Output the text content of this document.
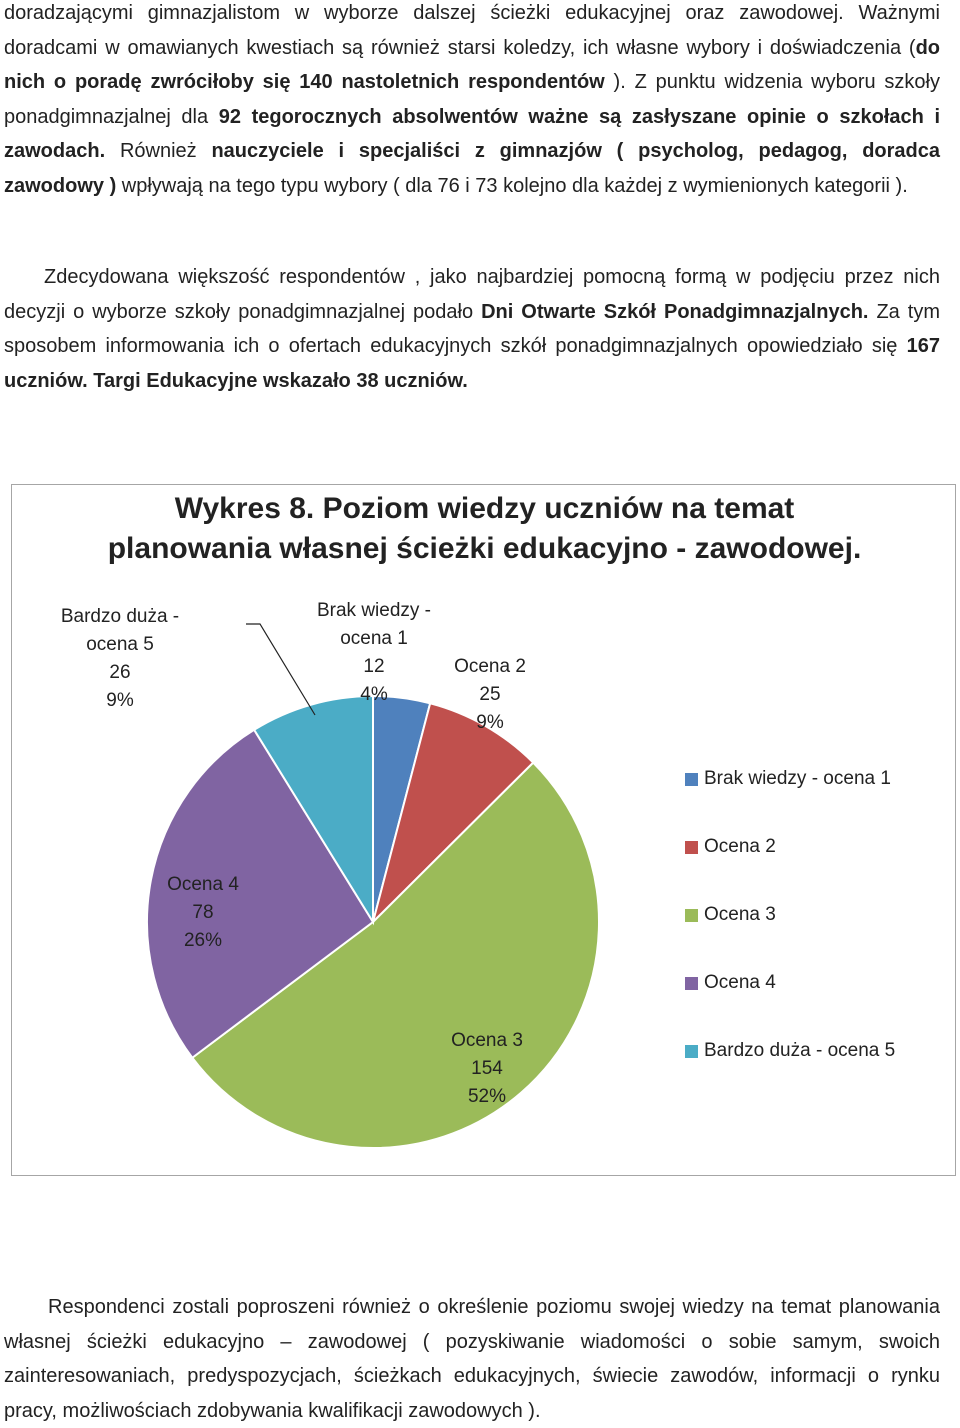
doradzającymi gimnazjalistom w wyborze dalszej ścieżki edukacyjnej oraz zawodowej. Ważnymi doradcami w omawianych kwestiach są również starsi koledzy, ich własne wybory i doświadczenia (do nich o poradę zwróciłoby się 140 nastoletnich respondentów ). Z punktu widzenia wyboru szkoły ponadgimnazjalnej dla 92 tegorocznych absolwentów ważne są zasłyszane opinie o szkołach i zawodach. Również nauczyciele i specjaliści z gimnazjów ( psycholog, pedagog, doradca zawodowy ) wpływają na tego typu wybory ( dla 76 i 73 kolejno dla każdej z wymienionych kategorii ).

Zdecydowana większość respondentów , jako najbardziej pomocną formą w podjęciu przez nich decyzji o wyborze szkoły ponadgimnazjalnej podało Dni Otwarte Szkół Ponadgimnazjalnych. Za tym sposobem informowania ich o ofertach edukacyjnych szkół ponadgimnazjalnych opowiedziało się 167 uczniów. Targi Edukacyjne wskazało 38 uczniów.

Wykres 8. Poziom wiedzy uczniów na temat
planowania własnej ścieżki edukacyjno - zawodowej.
Brak wiedzy -
ocena 1
12
4%
Ocena 2
25
9%
Ocena 3
154
52%
Ocena 4
78
26%
Bardzo duża -
ocena 5
26
9%
Brak wiedzy - ocena 1
Ocena 2
Ocena 3
Ocena 4
Bardzo duża - ocena 5

Respondenci zostali poproszeni również o określenie poziomu swojej wiedzy na temat planowania własnej ścieżki edukacyjno – zawodowej ( pozyskiwanie wiadomości o sobie samym, swoich zainteresowaniach, predyspozycjach, ścieżkach edukacyjnych, świecie zawodów, informacji o rynku pracy, możliwościach zdobywania kwalifikacji zawodowych ).
